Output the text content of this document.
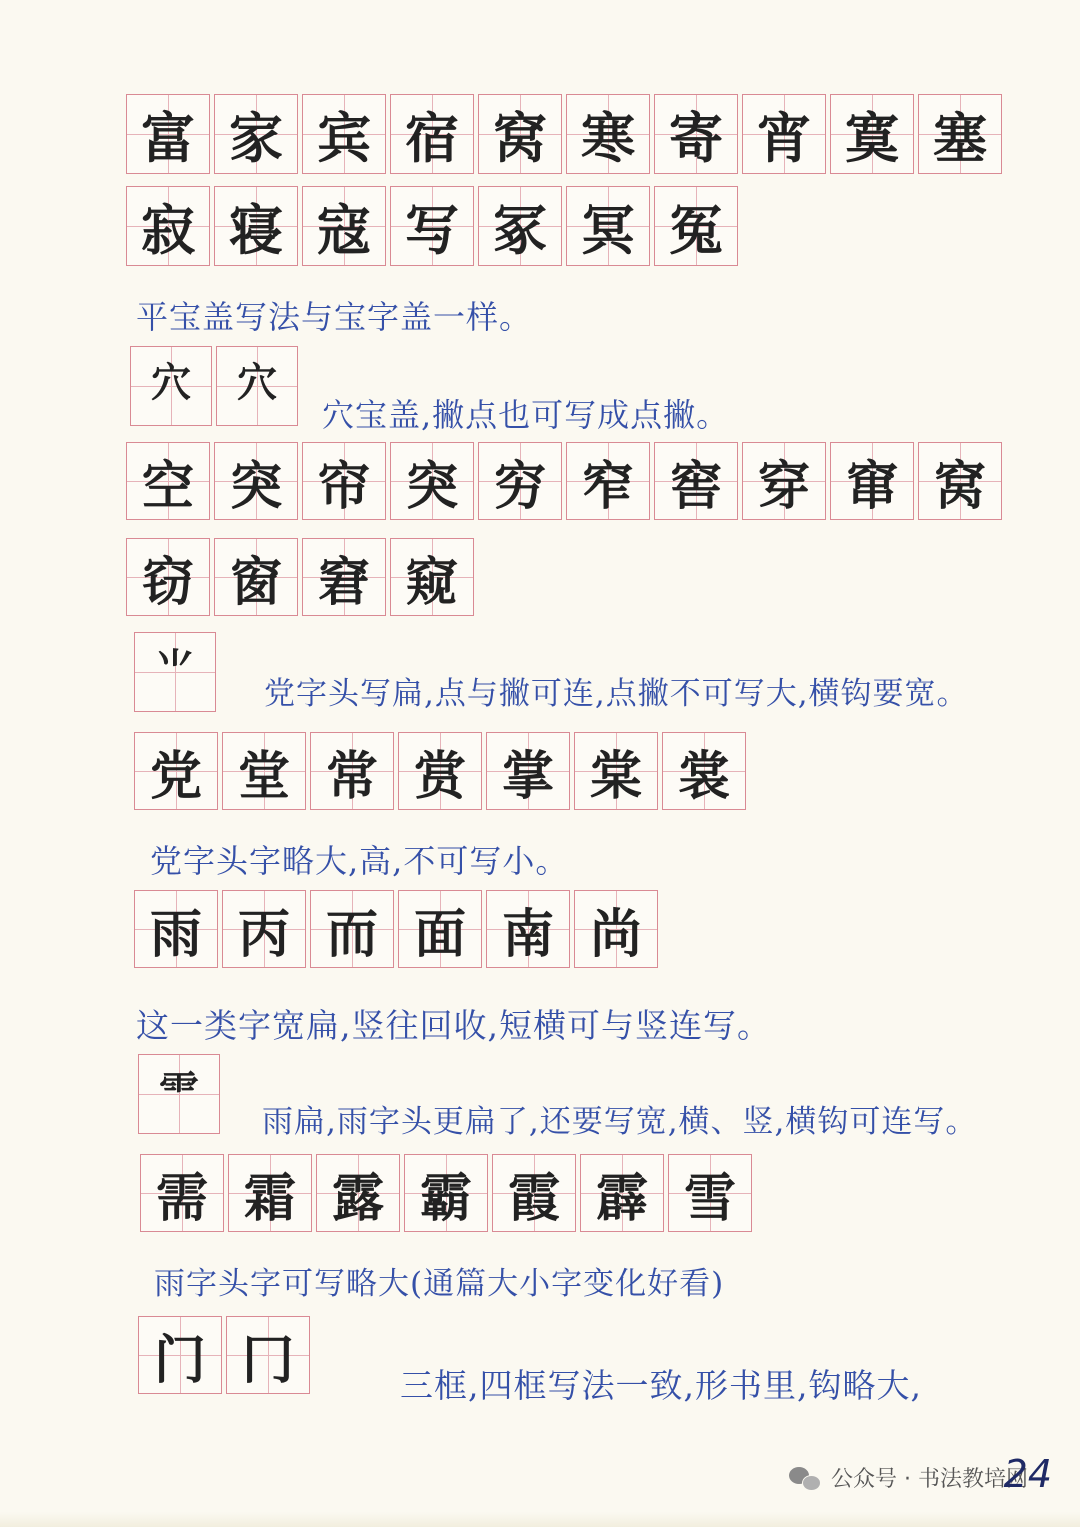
富 家 宾 宿 窝 寒 寄 宵 寞 塞
寂 寝 寇 写 冢 冥 冤
平宝盖写法与宝字盖一样。
穴	穴
穴宝盖,撇点也可写成点撇。
空 突 帘 突 穷 窄 窖 穿 窜 窝
窃 窗 窘 窥
⺌
党字头写扁,点与撇可连,点撇不可写大,横钩要宽。
党 堂 常 赏 掌 棠 裳
党字头字略大,高,不可写小。
雨 丙 而 面 南 尚
这一类字宽扁,竖往回收,短横可与竖连写。
⻗
雨扁,雨字头更扁了,还要写宽,横、竖,横钩可连写。
需 霜 露 霸 霞 霹 雪
雨字头字可写略大(通篇大小字变化好看)
门 冂	三框,四框写法一致,形书里,钩略大,
公众号 · 书法教培网
24
